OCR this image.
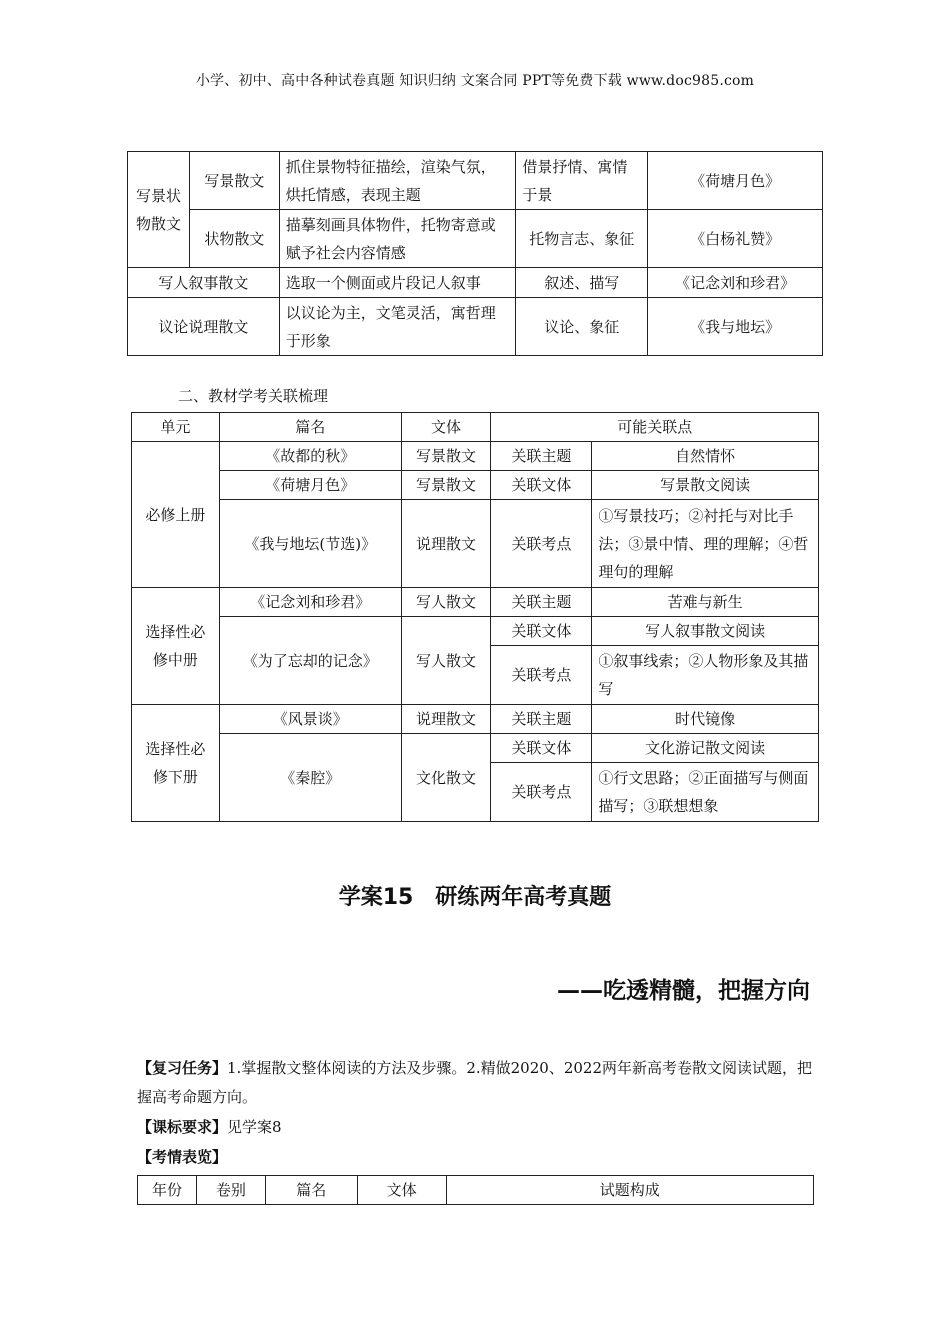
小学、初中、高中各种试卷真题 知识归纳 文案合同 PPT等免费下载 www.doc985.com
写景状物散文	写景散文	抓住景物特征描绘，渲染气氛，烘托情感，表现主题	借景抒情、寓情于景	《荷塘月色》
	状物散文	描摹刻画具体物件，托物寄意或赋予社会内容情感	托物言志、象征	《白杨礼赞》
写人叙事散文		选取一个侧面或片段记人叙事	叙述、描写	《记念刘和珍君》
议论说理散文		以议论为主，文笔灵活，寓哲理于形象	议论、象征	《我与地坛》
二、教材学考关联梳理
单元	篇名	文体	可能关联点	
必修上册	《故都的秋》	写景散文	关联主题	自然情怀
	《荷塘月色》	写景散文	关联文体	写景散文阅读
	《我与地坛(节选)》	说理散文	关联考点	①写景技巧；②衬托与对比手法；③景中情、理的理解；④哲理句的理解
选择性必修中册	《记念刘和珍君》	写人散文	关联主题	苦难与新生
	《为了忘却的记念》	写人散文	关联文体	写人叙事散文阅读
			关联考点	①叙事线索；②人物形象及其描写
选择性必修下册	《风景谈》	说理散文	关联主题	时代镜像
	《秦腔》	文化散文	关联文体	文化游记散文阅读
			关联考点	①行文思路；②正面描写与侧面描写；③联想想象
学案15　研练两年高考真题
——吃透精髓，把握方向
【复习任务】1.掌握散文整体阅读的方法及步骤。2.精做2020、2022两年新高考卷散文阅读试题，把握高考命题方向。
【课标要求】见学案8
【考情表览】
年份	卷别	篇名	文体	试题构成
